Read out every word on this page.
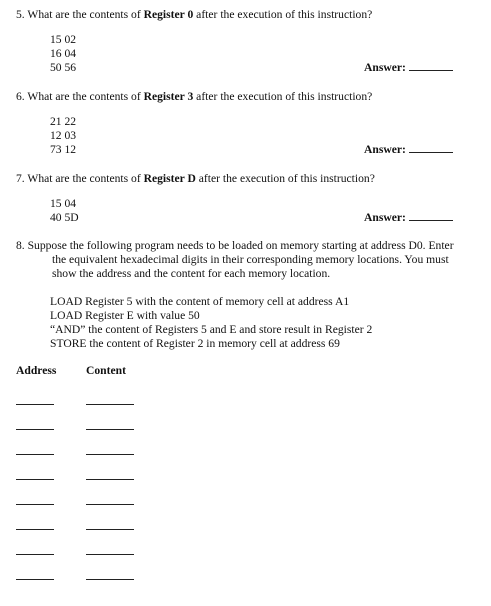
5. What are the contents of Register 0 after the execution of this instruction?
15 02
16 04
50 56	Answer:
6. What are the contents of Register 3 after the execution of this instruction?
21 22
12 03
73 12	Answer:
7. What are the contents of Register D after the execution of this instruction?
15 04
40 5D	Answer:
8. Suppose the following program needs to be loaded on memory starting at address D0. Enter
the equivalent hexadecimal digits in their corresponding memory locations. You must
show the address and the content for each memory location.
LOAD Register 5 with the content of memory cell at address A1
LOAD Register E with value 50
“AND” the content of Registers 5 and E and store result in Register 2
STORE the content of Register 2 in memory cell at address 69
Address	Content
